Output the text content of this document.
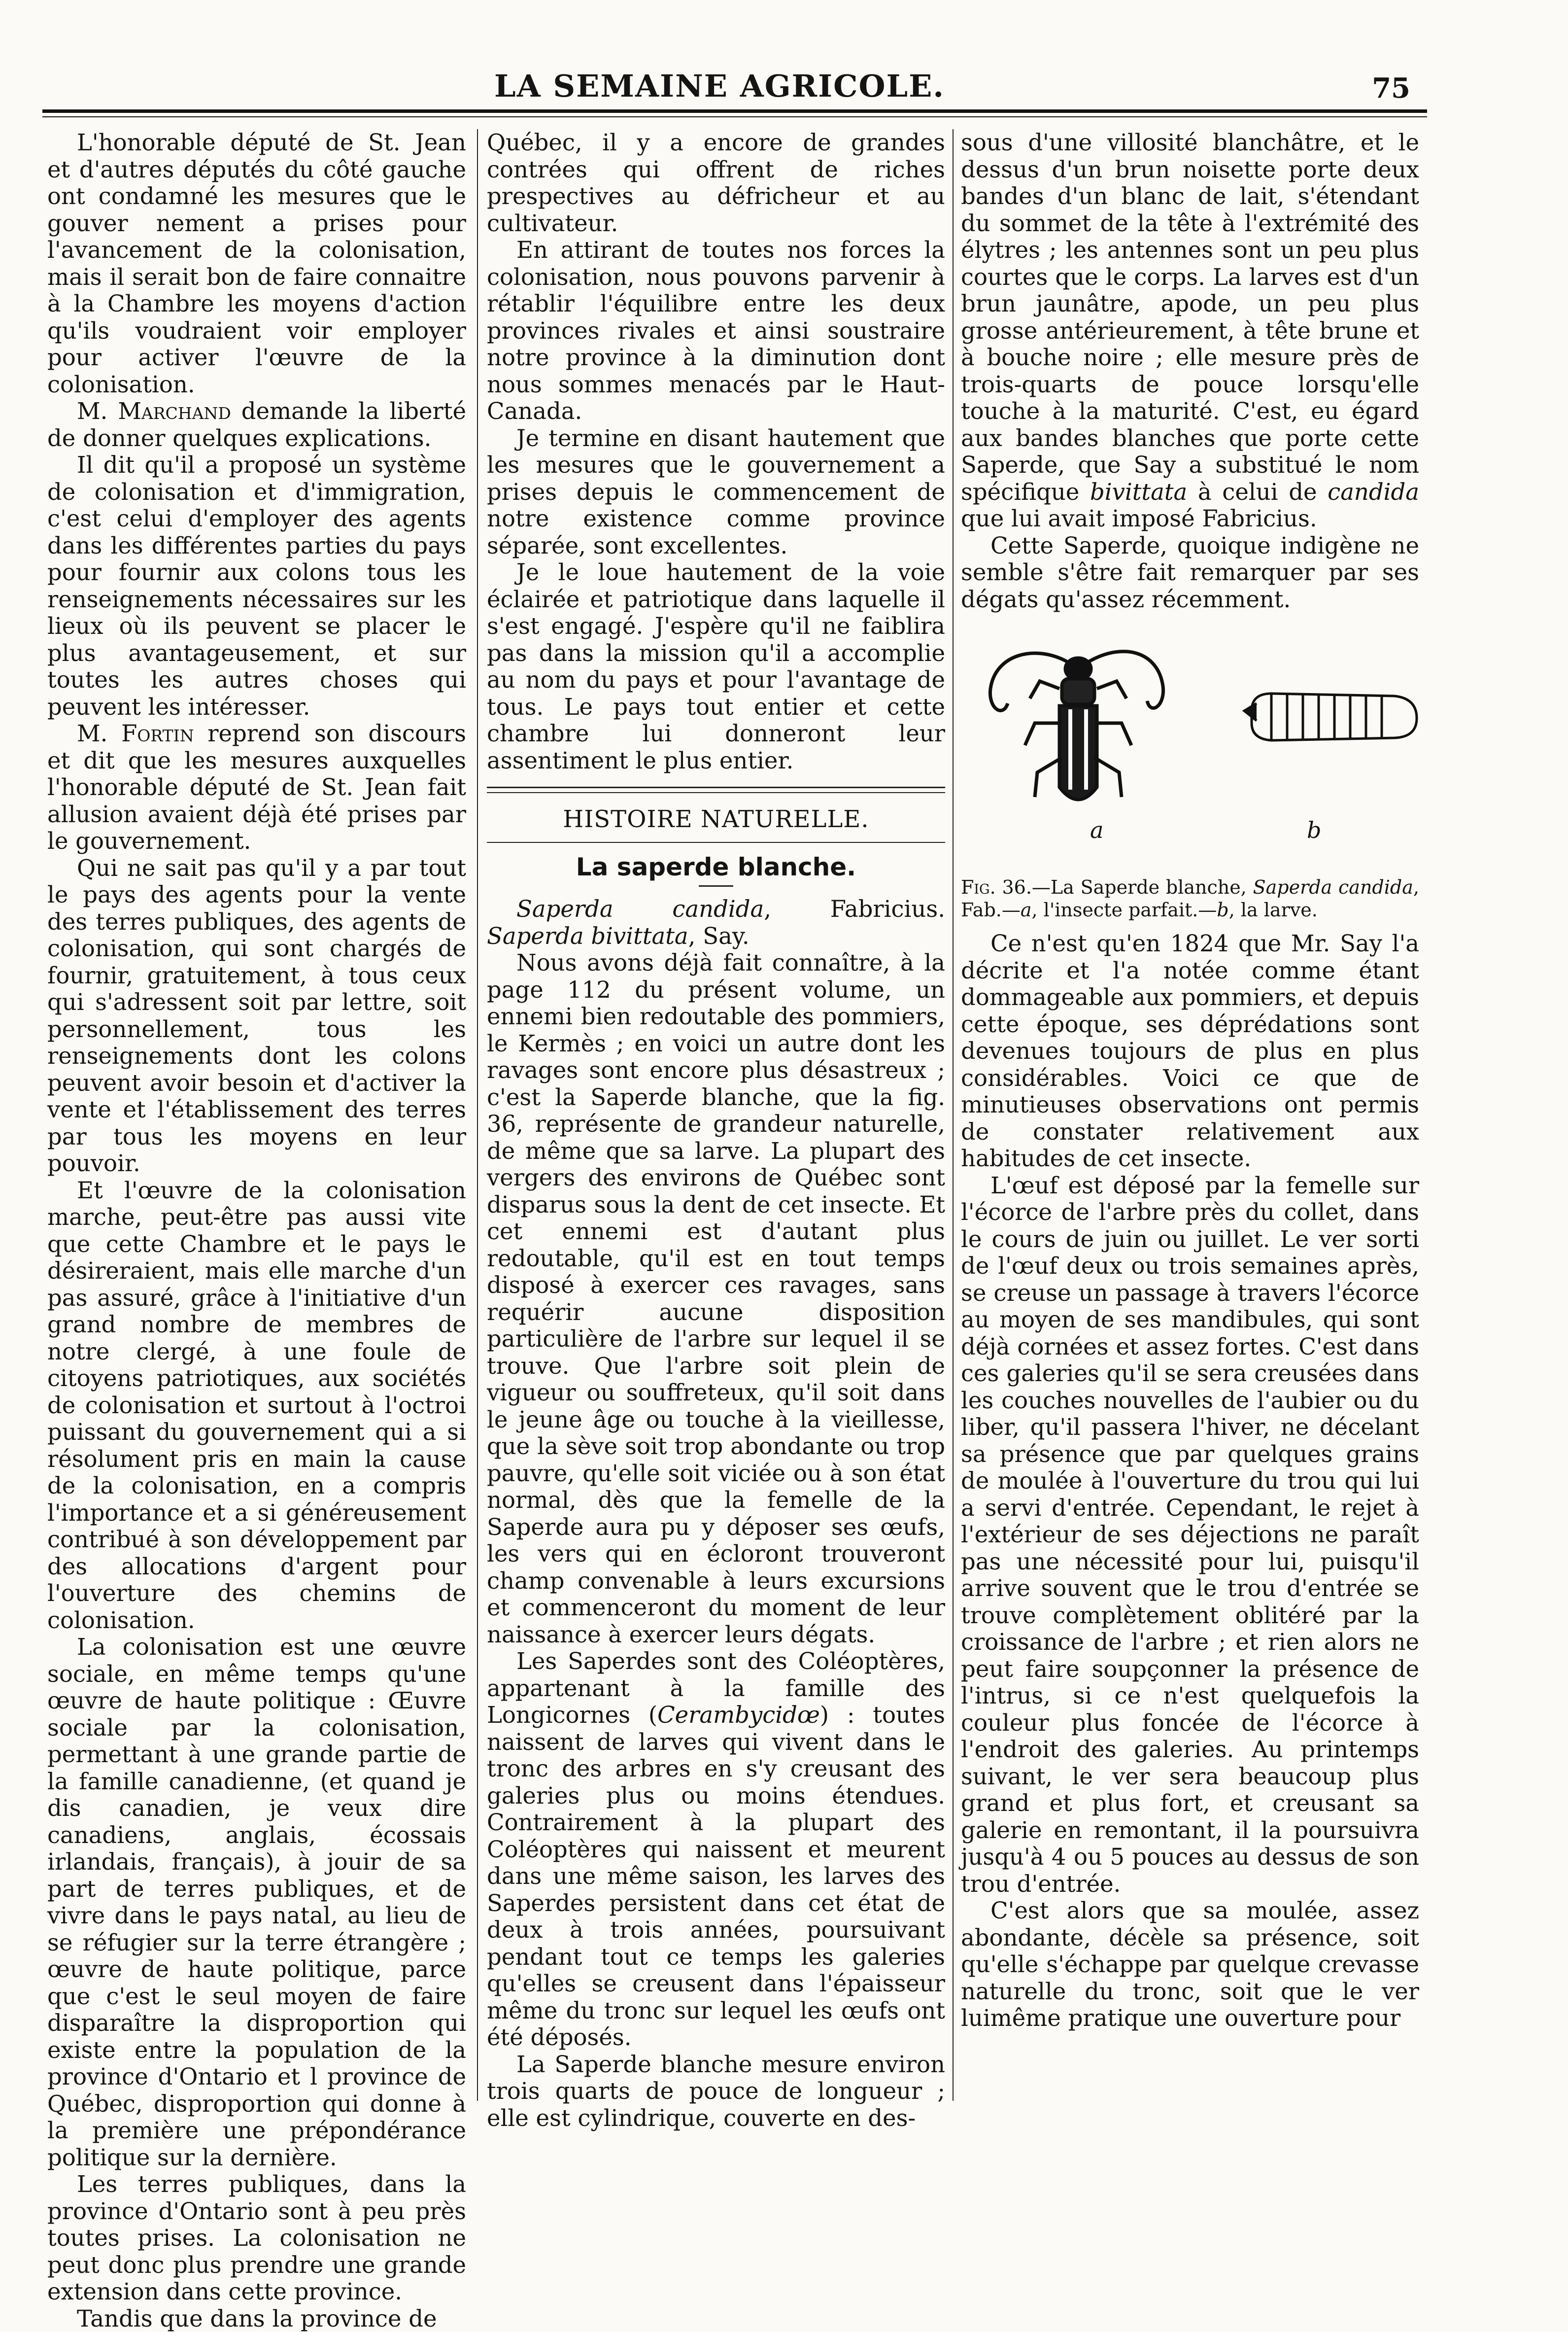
LA SEMAINE AGRICOLE.	75

L'honorable député de St. Jean et d'autres députés du côté gauche ont condamné les mesures que le gouver nement a prises pour l'avancement de la colonisation, mais il serait bon de faire connaitre à la Chambre les moyens d'action qu'ils voudraient voir employer pour activer l'œuvre de la colonisation.

M. Marchand demande la liberté de donner quelques explications.

Il dit qu'il a proposé un système de colonisation et d'immigration, c'est celui d'employer des agents dans les différentes parties du pays pour fournir aux colons tous les renseignements nécessaires sur les lieux où ils peuvent se placer le plus avantageusement, et sur toutes les autres choses qui peuvent les intéresser.

M. Fortin reprend son discours et dit que les mesures auxquelles l'honorable député de St. Jean fait allusion avaient déjà été prises par le gouvernement.

Qui ne sait pas qu'il y a par tout le pays des agents pour la vente des terres publiques, des agents de colonisation, qui sont chargés de fournir, gratuitement, à tous ceux qui s'adressent soit par lettre, soit personnellement, tous les renseignements dont les colons peuvent avoir besoin et d'activer la vente et l'établissement des terres par tous les moyens en leur pouvoir.

Et l'œuvre de la colonisation marche, peut-être pas aussi vite que cette Chambre et le pays le désireraient, mais elle marche d'un pas assuré, grâce à l'initiative d'un grand nombre de membres de notre clergé, à une foule de citoyens patriotiques, aux sociétés de colonisation et surtout à l'octroi puissant du gouvernement qui a si résolument pris en main la cause de la colonisation, en a compris l'importance et a si généreusement contribué à son développement par des allocations d'argent pour l'ouverture des chemins de colonisation.

La colonisation est une œuvre sociale, en même temps qu'une œuvre de haute politique : Œuvre sociale par la colonisation, permettant à une grande partie de la famille canadienne, (et quand je dis canadien, je veux dire canadiens, anglais, écossais irlandais, français), à jouir de sa part de terres publiques, et de vivre dans le pays natal, au lieu de se réfugier sur la terre étrangère ; œuvre de haute politique, parce que c'est le seul moyen de faire disparaître la disproportion qui existe entre la population de la province d'Ontario et l province de Québec, disproportion qui donne à la première une prépondérance politique sur la dernière.

Les terres publiques, dans la province d'Ontario sont à peu près toutes prises. La colonisation ne peut donc plus prendre une grande extension dans cette province.

Tandis que dans la province de

Québec, il y a encore de grandes contrées qui offrent de riches prespectives au défricheur et au cultivateur.

En attirant de toutes nos forces la colonisation, nous pouvons parvenir à rétablir l'équilibre entre les deux provinces rivales et ainsi soustraire notre province à la diminution dont nous sommes menacés par le Haut-Canada.

Je termine en disant hautement que les mesures que le gouvernement a prises depuis le commencement de notre existence comme province séparée, sont excellentes.

Je le loue hautement de la voie éclairée et patriotique dans laquelle il s'est engagé. J'espère qu'il ne faiblira pas dans la mission qu'il a accomplie au nom du pays et pour l'avantage de tous. Le pays tout entier et cette chambre lui donneront leur assentiment le plus entier.

HISTOIRE NATURELLE.
La saperde blanche.

Saperda candida, Fabricius. Saperda bivittata, Say.

Nous avons déjà fait connaître, à la page 112 du présent volume, un ennemi bien redoutable des pommiers, le Kermès ; en voici un autre dont les ravages sont encore plus désastreux ; c'est la Saperde blanche, que la fig. 36, représente de grandeur naturelle, de même que sa larve. La plupart des vergers des environs de Québec sont disparus sous la dent de cet insecte. Et cet ennemi est d'autant plus redoutable, qu'il est en tout temps disposé à exercer ces ravages, sans requérir aucune disposition particulière de l'arbre sur lequel il se trouve. Que l'arbre soit plein de vigueur ou souffreteux, qu'il soit dans le jeune âge ou touche à la vieillesse, que la sève soit trop abondante ou trop pauvre, qu'elle soit viciée ou à son état normal, dès que la femelle de la Saperde aura pu y déposer ses œufs, les vers qui en écloront trouveront champ convenable à leurs excursions et commenceront du moment de leur naissance à exercer leurs dégats.

Les Saperdes sont des Coléoptères, appartenant à la famille des Longicornes (Cerambycidœ) : toutes naissent de larves qui vivent dans le tronc des arbres en s'y creusant des galeries plus ou moins étendues. Contrairement à la plupart des Coléoptères qui naissent et meurent dans une même saison, les larves des Saperdes persistent dans cet état de deux à trois années, poursuivant pendant tout ce temps les galeries qu'elles se creusent dans l'épaisseur même du tronc sur lequel les œufs ont été déposés.

La Saperde blanche mesure environ trois quarts de pouce de longueur ; elle est cylindrique, couverte en des-

sous d'une villosité blanchâtre, et le dessus d'un brun noisette porte deux bandes d'un blanc de lait, s'étendant du sommet de la tête à l'extrémité des élytres ; les antennes sont un peu plus courtes que le corps. La larves est d'un brun jaunâtre, apode, un peu plus grosse antérieurement, à tête brune et à bouche noire ; elle mesure près de trois-quarts de pouce lorsqu'elle touche à la maturité. C'est, eu égard aux bandes blanches que porte cette Saperde, que Say a substitué le nom spécifique bivittata à celui de candida que lui avait imposé Fabricius.

Cette Saperde, quoique indigène ne semble s'être fait remarquer par ses dégats qu'assez récemment.

a	b
Fig. 36.—La Saperde blanche, Saperda candida, Fab.—a, l'insecte parfait.—b, la larve.

Ce n'est qu'en 1824 que Mr. Say l'a décrite et l'a notée comme étant dommageable aux pommiers, et depuis cette époque, ses déprédations sont devenues toujours de plus en plus considérables. Voici ce que de minutieuses observations ont permis de constater relativement aux habitudes de cet insecte.

L'œuf est déposé par la femelle sur l'écorce de l'arbre près du collet, dans le cours de juin ou juillet. Le ver sorti de l'œuf deux ou trois semaines après, se creuse un passage à travers l'écorce au moyen de ses mandibules, qui sont déjà cornées et assez fortes. C'est dans ces galeries qu'il se sera creusées dans les couches nouvelles de l'aubier ou du liber, qu'il passera l'hiver, ne décelant sa présence que par quelques grains de moulée à l'ouverture du trou qui lui a servi d'entrée. Cependant, le rejet à l'extérieur de ses déjections ne paraît pas une nécessité pour lui, puisqu'il arrive souvent que le trou d'entrée se trouve complètement oblitéré par la croissance de l'arbre ; et rien alors ne peut faire soupçonner la présence de l'intrus, si ce n'est quelquefois la couleur plus foncée de l'écorce à l'endroit des galeries. Au printemps suivant, le ver sera beaucoup plus grand et plus fort, et creusant sa galerie en remontant, il la poursuivra jusqu'à 4 ou 5 pouces au dessus de son trou d'entrée.

C'est alors que sa moulée, assez abondante, décèle sa présence, soit qu'elle s'échappe par quelque crevasse naturelle du tronc, soit que le ver luimême pratique une ouverture pour
